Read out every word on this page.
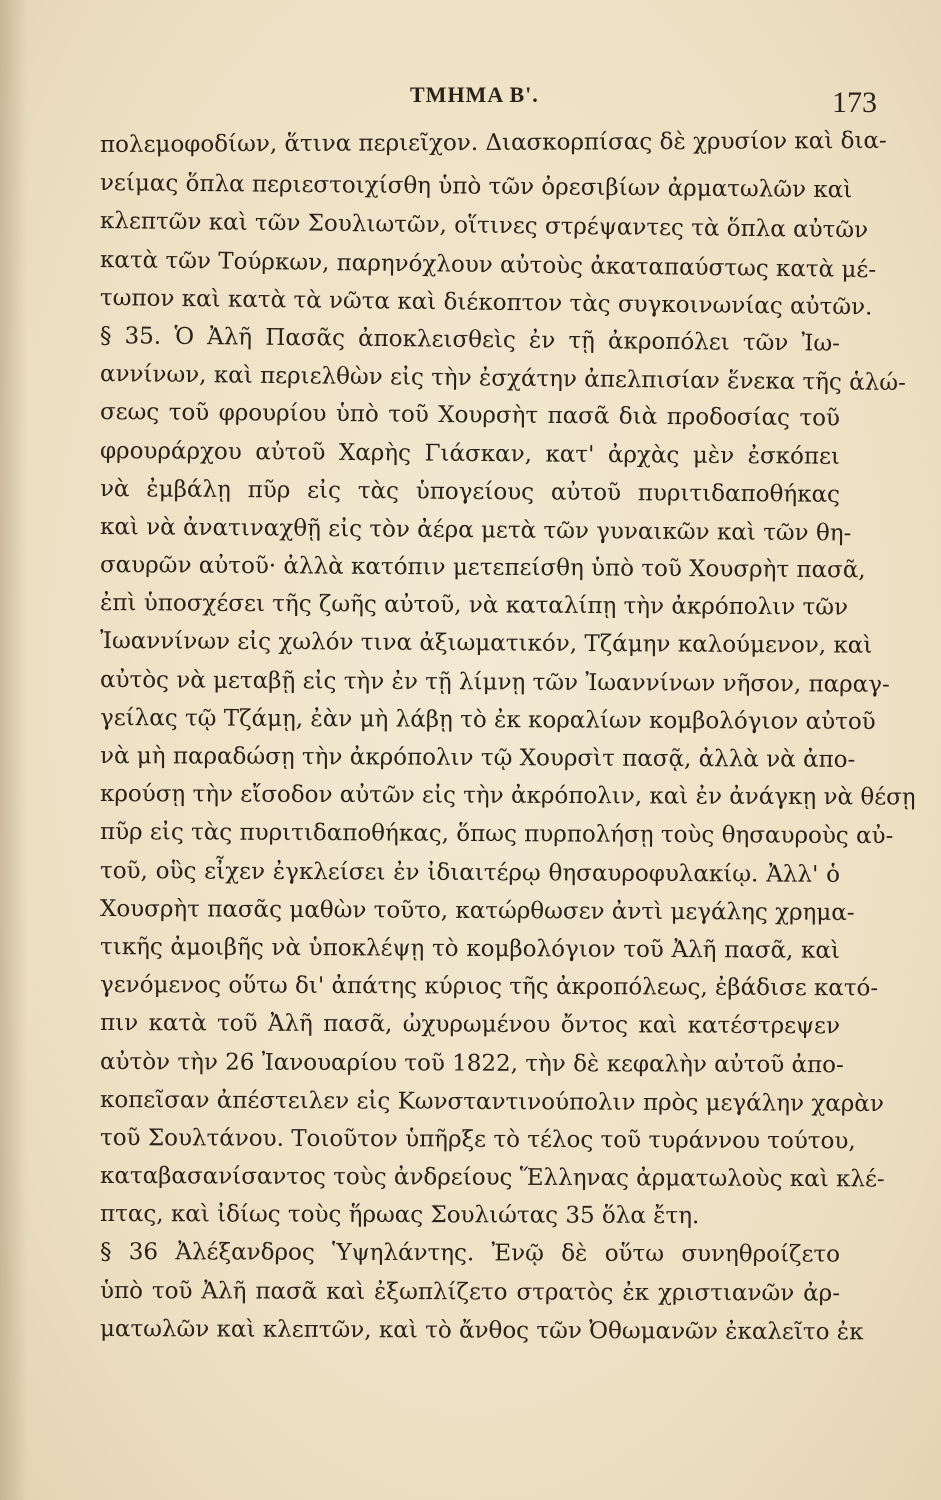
ΤΜΗΜΑ Β'.	173
πολεμοφοδίων, ἅτινα περιεῖχον. Διασκορπίσας δὲ χρυσίον καὶ δια-
νείμας ὅπλα περιεστοιχίσθη ὑπὸ τῶν ὀρεσιβίων ἀρματωλῶν καὶ
κλεπτῶν καὶ τῶν Σουλιωτῶν, οἵτινες στρέψαντες τὰ ὅπλα αὐτῶν
κατὰ τῶν Τούρκων, παρηνόχλουν αὐτοὺς ἀκαταπαύστως κατὰ μέ-
τωπον καὶ κατὰ τὰ νῶτα καὶ διέκοπτον τὰς συγκοινωνίας αὐτῶν.
§ 35. Ὁ Ἀλῆ Πασᾶς ἀποκλεισθεὶς ἐν τῇ ἀκροπόλει τῶν Ἰω-
αννίνων, καὶ περιελθὼν εἰς τὴν ἐσχάτην ἀπελπισίαν ἕνεκα τῆς ἁλώ-
σεως τοῦ φρουρίου ὑπὸ τοῦ Χουρσὴτ πασᾶ διὰ προδοσίας τοῦ
φρουράρχου αὐτοῦ Χαρὴς Γιάσκαν, κατ' ἀρχὰς μὲν ἐσκόπει
νὰ ἐμβάλῃ πῦρ εἰς τὰς ὑπογείους αὐτοῦ πυριτιδαποθήκας
καὶ νὰ ἀνατιναχθῇ εἰς τὸν ἀέρα μετὰ τῶν γυναικῶν καὶ τῶν θη-
σαυρῶν αὐτοῦ· ἀλλὰ κατόπιν μετεπείσθη ὑπὸ τοῦ Χουσρὴτ πασᾶ,
ἐπὶ ὑποσχέσει τῆς ζωῆς αὐτοῦ, νὰ καταλίπῃ τὴν ἀκρόπολιν τῶν
Ἰωαννίνων εἰς χωλόν τινα ἀξιωματικόν, Τζάμην καλούμενον, καὶ
αὐτὸς νὰ μεταβῇ εἰς τὴν ἐν τῇ λίμνῃ τῶν Ἰωαννίνων νῆσον, παραγ-
γείλας τῷ Τζάμῃ, ἐὰν μὴ λάβῃ τὸ ἐκ κοραλίων κομβολόγιον αὐτοῦ
νὰ μὴ παραδώσῃ τὴν ἀκρόπολιν τῷ Χουρσὶτ πασᾷ, ἀλλὰ νὰ ἀπο-
κρούσῃ τὴν εἴσοδον αὐτῶν εἰς τὴν ἀκρόπολιν, καὶ ἐν ἀνάγκῃ νὰ θέσῃ
πῦρ εἰς τὰς πυριτιδαποθήκας, ὅπως πυρπολήσῃ τοὺς θησαυροὺς αὐ-
τοῦ, οὓς εἶχεν ἐγκλείσει ἐν ἰδιαιτέρῳ θησαυροφυλακίῳ. Ἀλλ' ὁ
Χουσρὴτ πασᾶς μαθὼν τοῦτο, κατώρθωσεν ἀντὶ μεγάλης χρημα-
τικῆς ἀμοιβῆς νὰ ὑποκλέψῃ τὸ κομβολόγιον τοῦ Ἀλῆ πασᾶ, καὶ
γενόμενος οὕτω δι' ἀπάτης κύριος τῆς ἀκροπόλεως, ἐβάδισε κατό-
πιν κατὰ τοῦ Ἀλῆ πασᾶ, ὠχυρωμένου ὄντος καὶ κατέστρεψεν
αὐτὸν τὴν 26 Ἰανουαρίου τοῦ 1822, τὴν δὲ κεφαλὴν αὐτοῦ ἀπο-
κοπεῖσαν ἀπέστειλεν εἰς Κωνσταντινούπολιν πρὸς μεγάλην χαρὰν
τοῦ Σουλτάνου. Τοιοῦτον ὑπῆρξε τὸ τέλος τοῦ τυράννου τούτου,
καταβασανίσαντος τοὺς ἀνδρείους Ἕλληνας ἀρματωλοὺς καὶ κλέ-
πτας, καὶ ἰδίως τοὺς ἥρωας Σουλιώτας 35 ὅλα ἔτη.
§ 36 Ἀλέξανδρος Ὑψηλάντης. Ἐνῷ δὲ οὕτω συνηθροίζετο
ὑπὸ τοῦ Ἀλῆ πασᾶ καὶ ἐξωπλίζετο στρατὸς ἐκ χριστιανῶν ἀρ-
ματωλῶν καὶ κλεπτῶν, καὶ τὸ ἄνθος τῶν Ὀθωμανῶν ἐκαλεῖτο ἐκ
